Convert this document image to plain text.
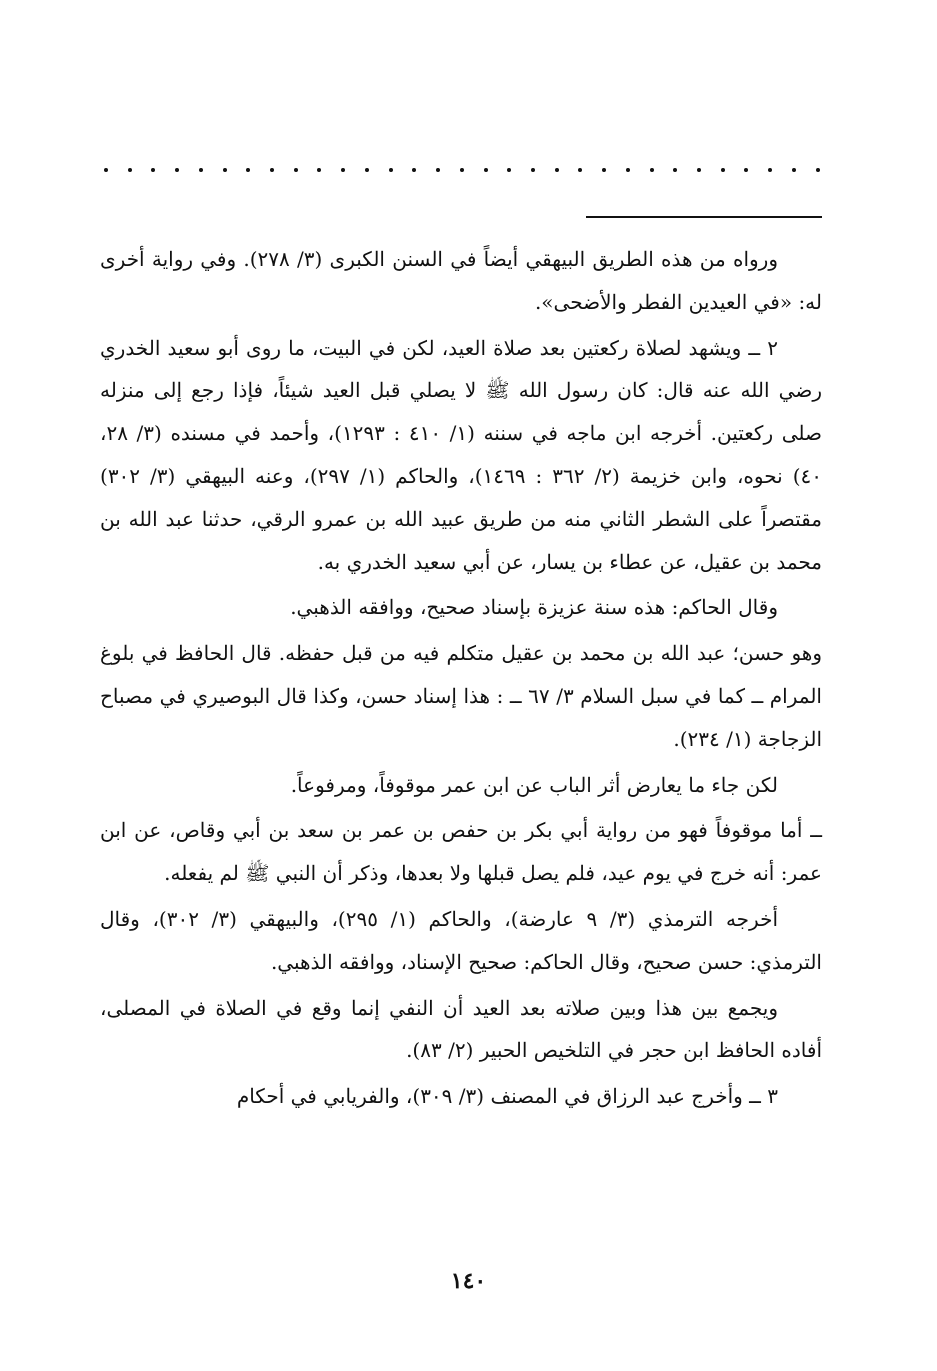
ورواه من هذه الطريق البيهقي أيضاً في السنن الكبرى (٣/ ٢٧٨). وفي رواية أخرى له: «في العيدين الفطر والأضحى».

٢ ــ ويشهد لصلاة ركعتين بعد صلاة العيد، لكن في البيت، ما روى أبو سعيد الخدري رضي الله عنه قال: كان رسول الله ﷺ لا يصلي قبل العيد شيئاً، فإذا رجع إلى منزله صلى ركعتين. أخرجه ابن ماجه في سننه (١/ ٤١٠ : ١٢٩٣)، وأحمد في مسنده (٣/ ٢٨، ٤٠) نحوه، وابن خزيمة (٢/ ٣٦٢ : ١٤٦٩)، والحاكم (١/ ٢٩٧)، وعنه البيهقي (٣/ ٣٠٢) مقتصراً على الشطر الثاني منه من طريق عبيد الله بن عمرو الرقي، حدثنا عبد الله بن محمد بن عقيل، عن عطاء بن يسار، عن أبي سعيد الخدري به.

وقال الحاكم: هذه سنة عزيزة بإسناد صحيح، ووافقه الذهبي.

وهو حسن؛ عبد الله بن محمد بن عقيل متكلم فيه من قبل حفظه. قال الحافظ في بلوغ المرام ــ كما في سبل السلام ٣/ ٦٧ ــ : هذا إسناد حسن، وكذا قال البوصيري في مصباح الزجاجة (١/ ٢٣٤).

لكن جاء ما يعارض أثر الباب عن ابن عمر موقوفاً، ومرفوعاً.

ــ أما موقوفاً فهو من رواية أبي بكر بن حفص بن عمر بن سعد بن أبي وقاص، عن ابن عمر: أنه خرج في يوم عيد، فلم يصل قبلها ولا بعدها، وذكر أن النبي ﷺ لم يفعله.

أخرجه الترمذي (٣/ ٩ عارضة)، والحاكم (١/ ٢٩٥)، والبيهقي (٣/ ٣٠٢)، وقال الترمذي: حسن صحيح، وقال الحاكم: صحيح الإسناد، ووافقه الذهبي.

ويجمع بين هذا وبين صلاته بعد العيد أن النفي إنما وقع في الصلاة في المصلى، أفاده الحافظ ابن حجر في التلخيص الحبير (٢/ ٨٣).

٣ ــ وأخرج عبد الرزاق في المصنف (٣/ ٣٠٩)، والفريابي في أحكام

١٤٠
